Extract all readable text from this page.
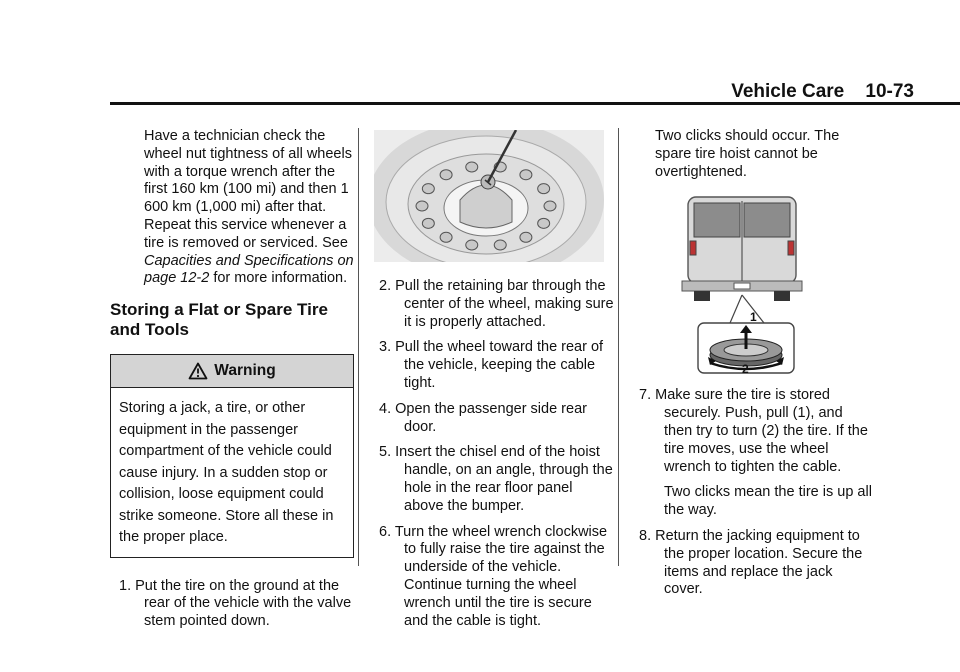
Vehicle Care 10-73

Have a technician check the wheel nut tightness of all wheels with a torque wrench after the first 160 km (100 mi) and then 1 600 km (1,000 mi) after that. Repeat this service whenever a tire is removed or serviced. See Capacities and Specifications on page 12-2 for more information.

Storing a Flat or Spare Tire and Tools
Warning
Storing a jack, a tire, or other equipment in the passenger compartment of the vehicle could cause injury. In a sudden stop or collision, loose equipment could strike someone. Store all these in the proper place.
1. Put the tire on the ground at the rear of the vehicle with the valve stem pointed down.
2. Pull the retaining bar through the center of the wheel, making sure it is properly attached.
3. Pull the wheel toward the rear of the vehicle, keeping the cable tight.
4. Open the passenger side rear door.
5. Insert the chisel end of the hoist handle, on an angle, through the hole in the rear floor panel above the bumper.
6. Turn the wheel wrench clockwise to fully raise the tire against the underside of the vehicle. Continue turning the wheel wrench until the tire is secure and the cable is tight.
Two clicks should occur. The spare tire hoist cannot be overtightened.
1
2
7. Make sure the tire is stored securely. Push, pull (1), and then try to turn (2) the tire. If the tire moves, use the wheel wrench to tighten the cable.
Two clicks mean the tire is up all the way.
8. Return the jacking equipment to the proper location. Secure the items and replace the jack cover.
